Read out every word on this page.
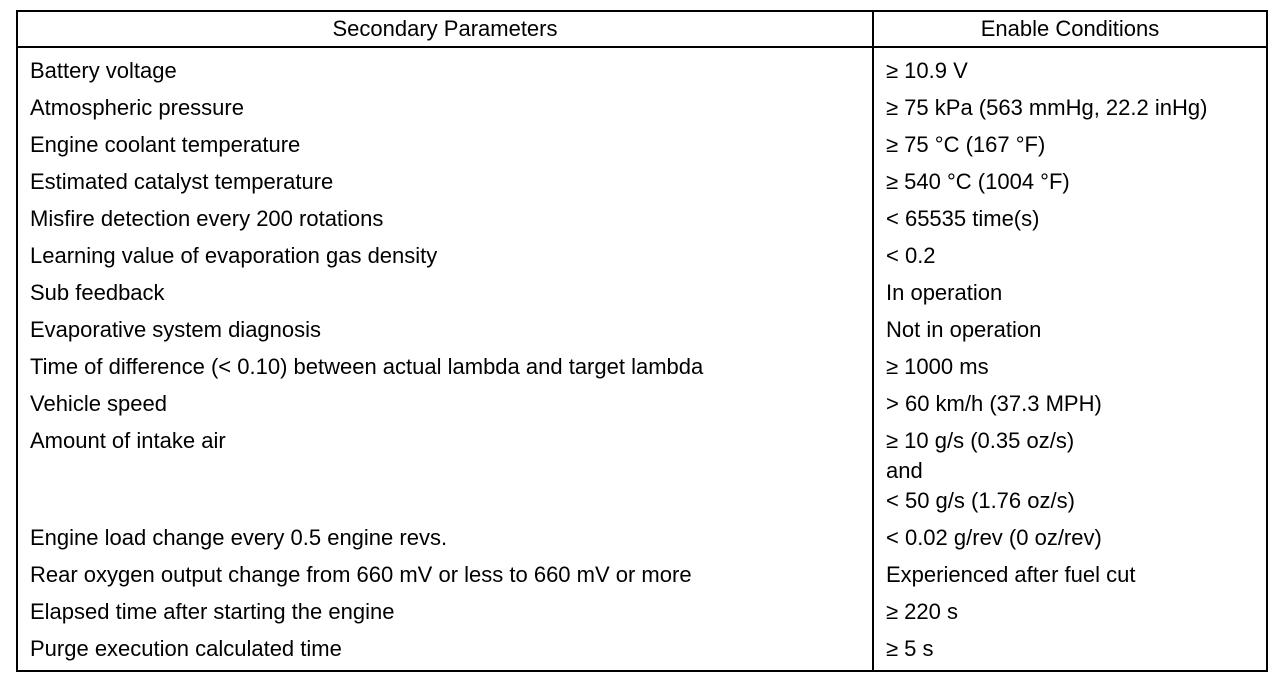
Secondary Parameters	Enable Conditions
Battery voltage	≥ 10.9 V

Atmospheric pressure	≥ 75 kPa (563 mmHg, 22.2 inHg)

Engine coolant temperature	≥ 75 °C (167 °F)

Estimated catalyst temperature	≥ 540 °C (1004 °F)

Misfire detection every 200 rotations	< 65535 time(s)

Learning value of evaporation gas density	< 0.2

Sub feedback	In operation

Evaporative system diagnosis	Not in operation

Time of difference (< 0.10) between actual lambda and target lambda	≥ 1000 ms

Vehicle speed	> 60 km/h (37.3 MPH)

Amount of intake air	≥ 10 g/s (0.35 oz/s)
and
< 50 g/s (1.76 oz/s)

Engine load change every 0.5 engine revs.	< 0.02 g/rev (0 oz/rev)

Rear oxygen output change from 660 mV or less to 660 mV or more	Experienced after fuel cut

Elapsed time after starting the engine	≥ 220 s

Purge execution calculated time	≥ 5 s
